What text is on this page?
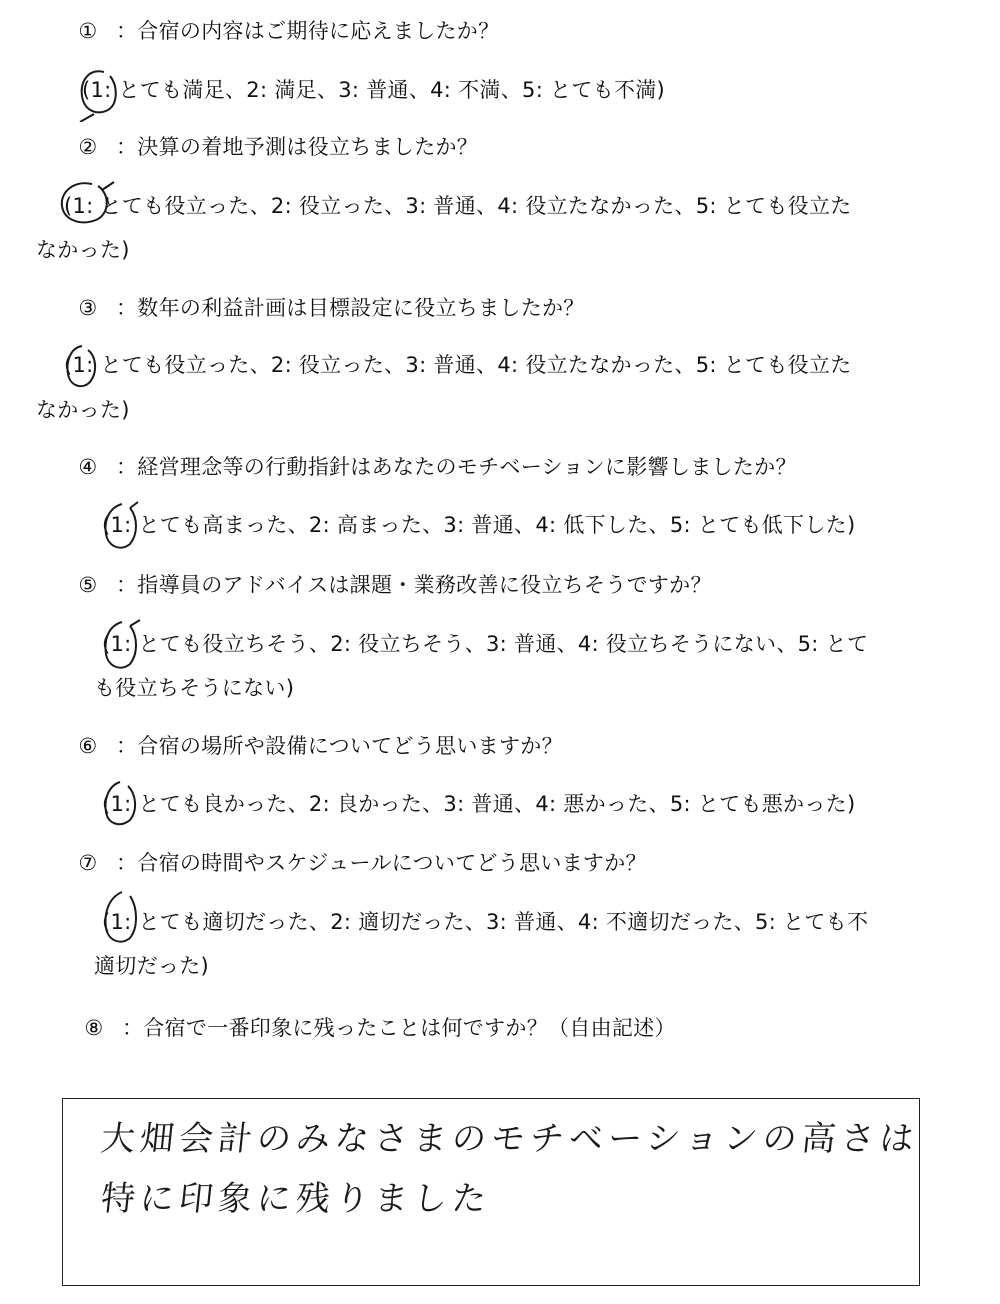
① ：合宿の内容はご期待に応えましたか？
(1: とても満足、2: 満足、3: 普通、4: 不満、5: とても不満)
② ：決算の着地予測は役立ちましたか？
(1: とても役立った、2: 役立った、3: 普通、4: 役立たなかった、5: とても役立た
なかった)
③ ：数年の利益計画は目標設定に役立ちましたか？
(1: とても役立った、2: 役立った、3: 普通、4: 役立たなかった、5: とても役立た
なかった)
④ ：経営理念等の行動指針はあなたのモチベーションに影響しましたか？
(1: とても高まった、2: 高まった、3: 普通、4: 低下した、5: とても低下した)
⑤ ：指導員のアドバイスは課題・業務改善に役立ちそうですか？
(1: とても役立ちそう、2: 役立ちそう、3: 普通、4: 役立ちそうにない、5: とて
も役立ちそうにない)
⑥ ：合宿の場所や設備についてどう思いますか？
(1: とても良かった、2: 良かった、3: 普通、4: 悪かった、5: とても悪かった)
⑦ ：合宿の時間やスケジュールについてどう思いますか？
(1: とても適切だった、2: 適切だった、3: 普通、4: 不適切だった、5: とても不
適切だった)
⑧ ：合宿で一番印象に残ったことは何ですか？（自由記述）
大畑会計のみなさまのモチベーションの高さは
特に印象に残りました
